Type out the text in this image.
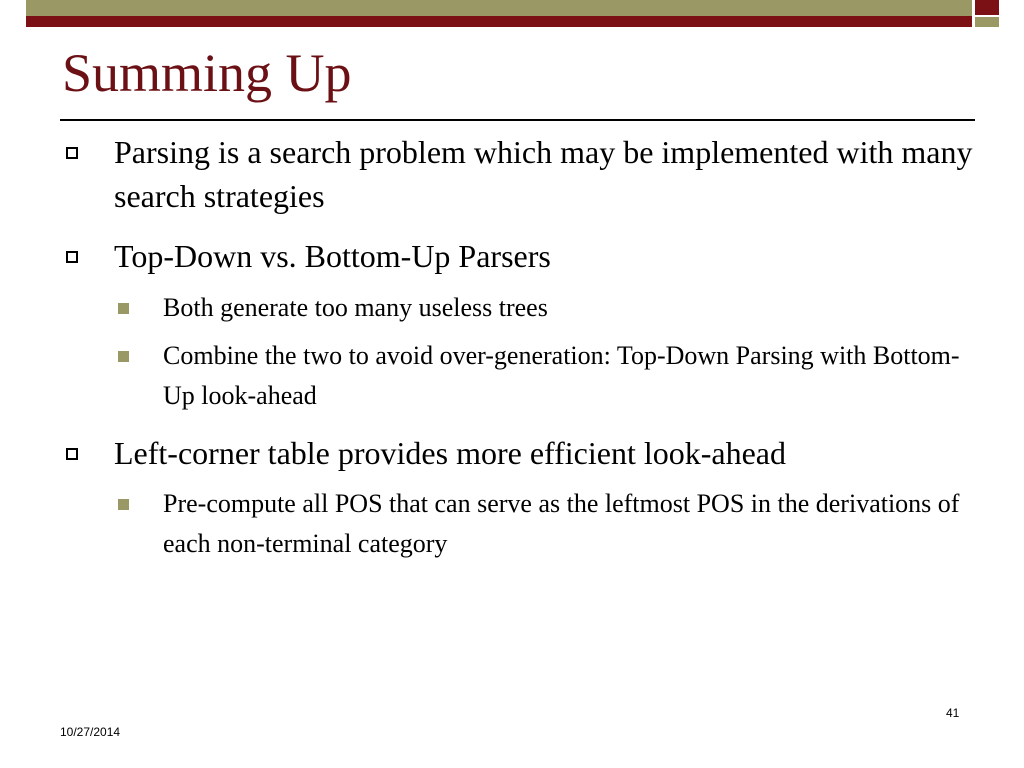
Summing Up
Parsing is a search problem which may be implemented with many search strategies
Top-Down vs. Bottom-Up Parsers
Both generate too many useless trees
Combine the two to avoid over-generation: Top-Down Parsing with Bottom-Up look-ahead
Left-corner table provides more efficient look-ahead
Pre-compute all POS that can serve as the leftmost POS in the derivations of each non-terminal category
10/27/2014
41
